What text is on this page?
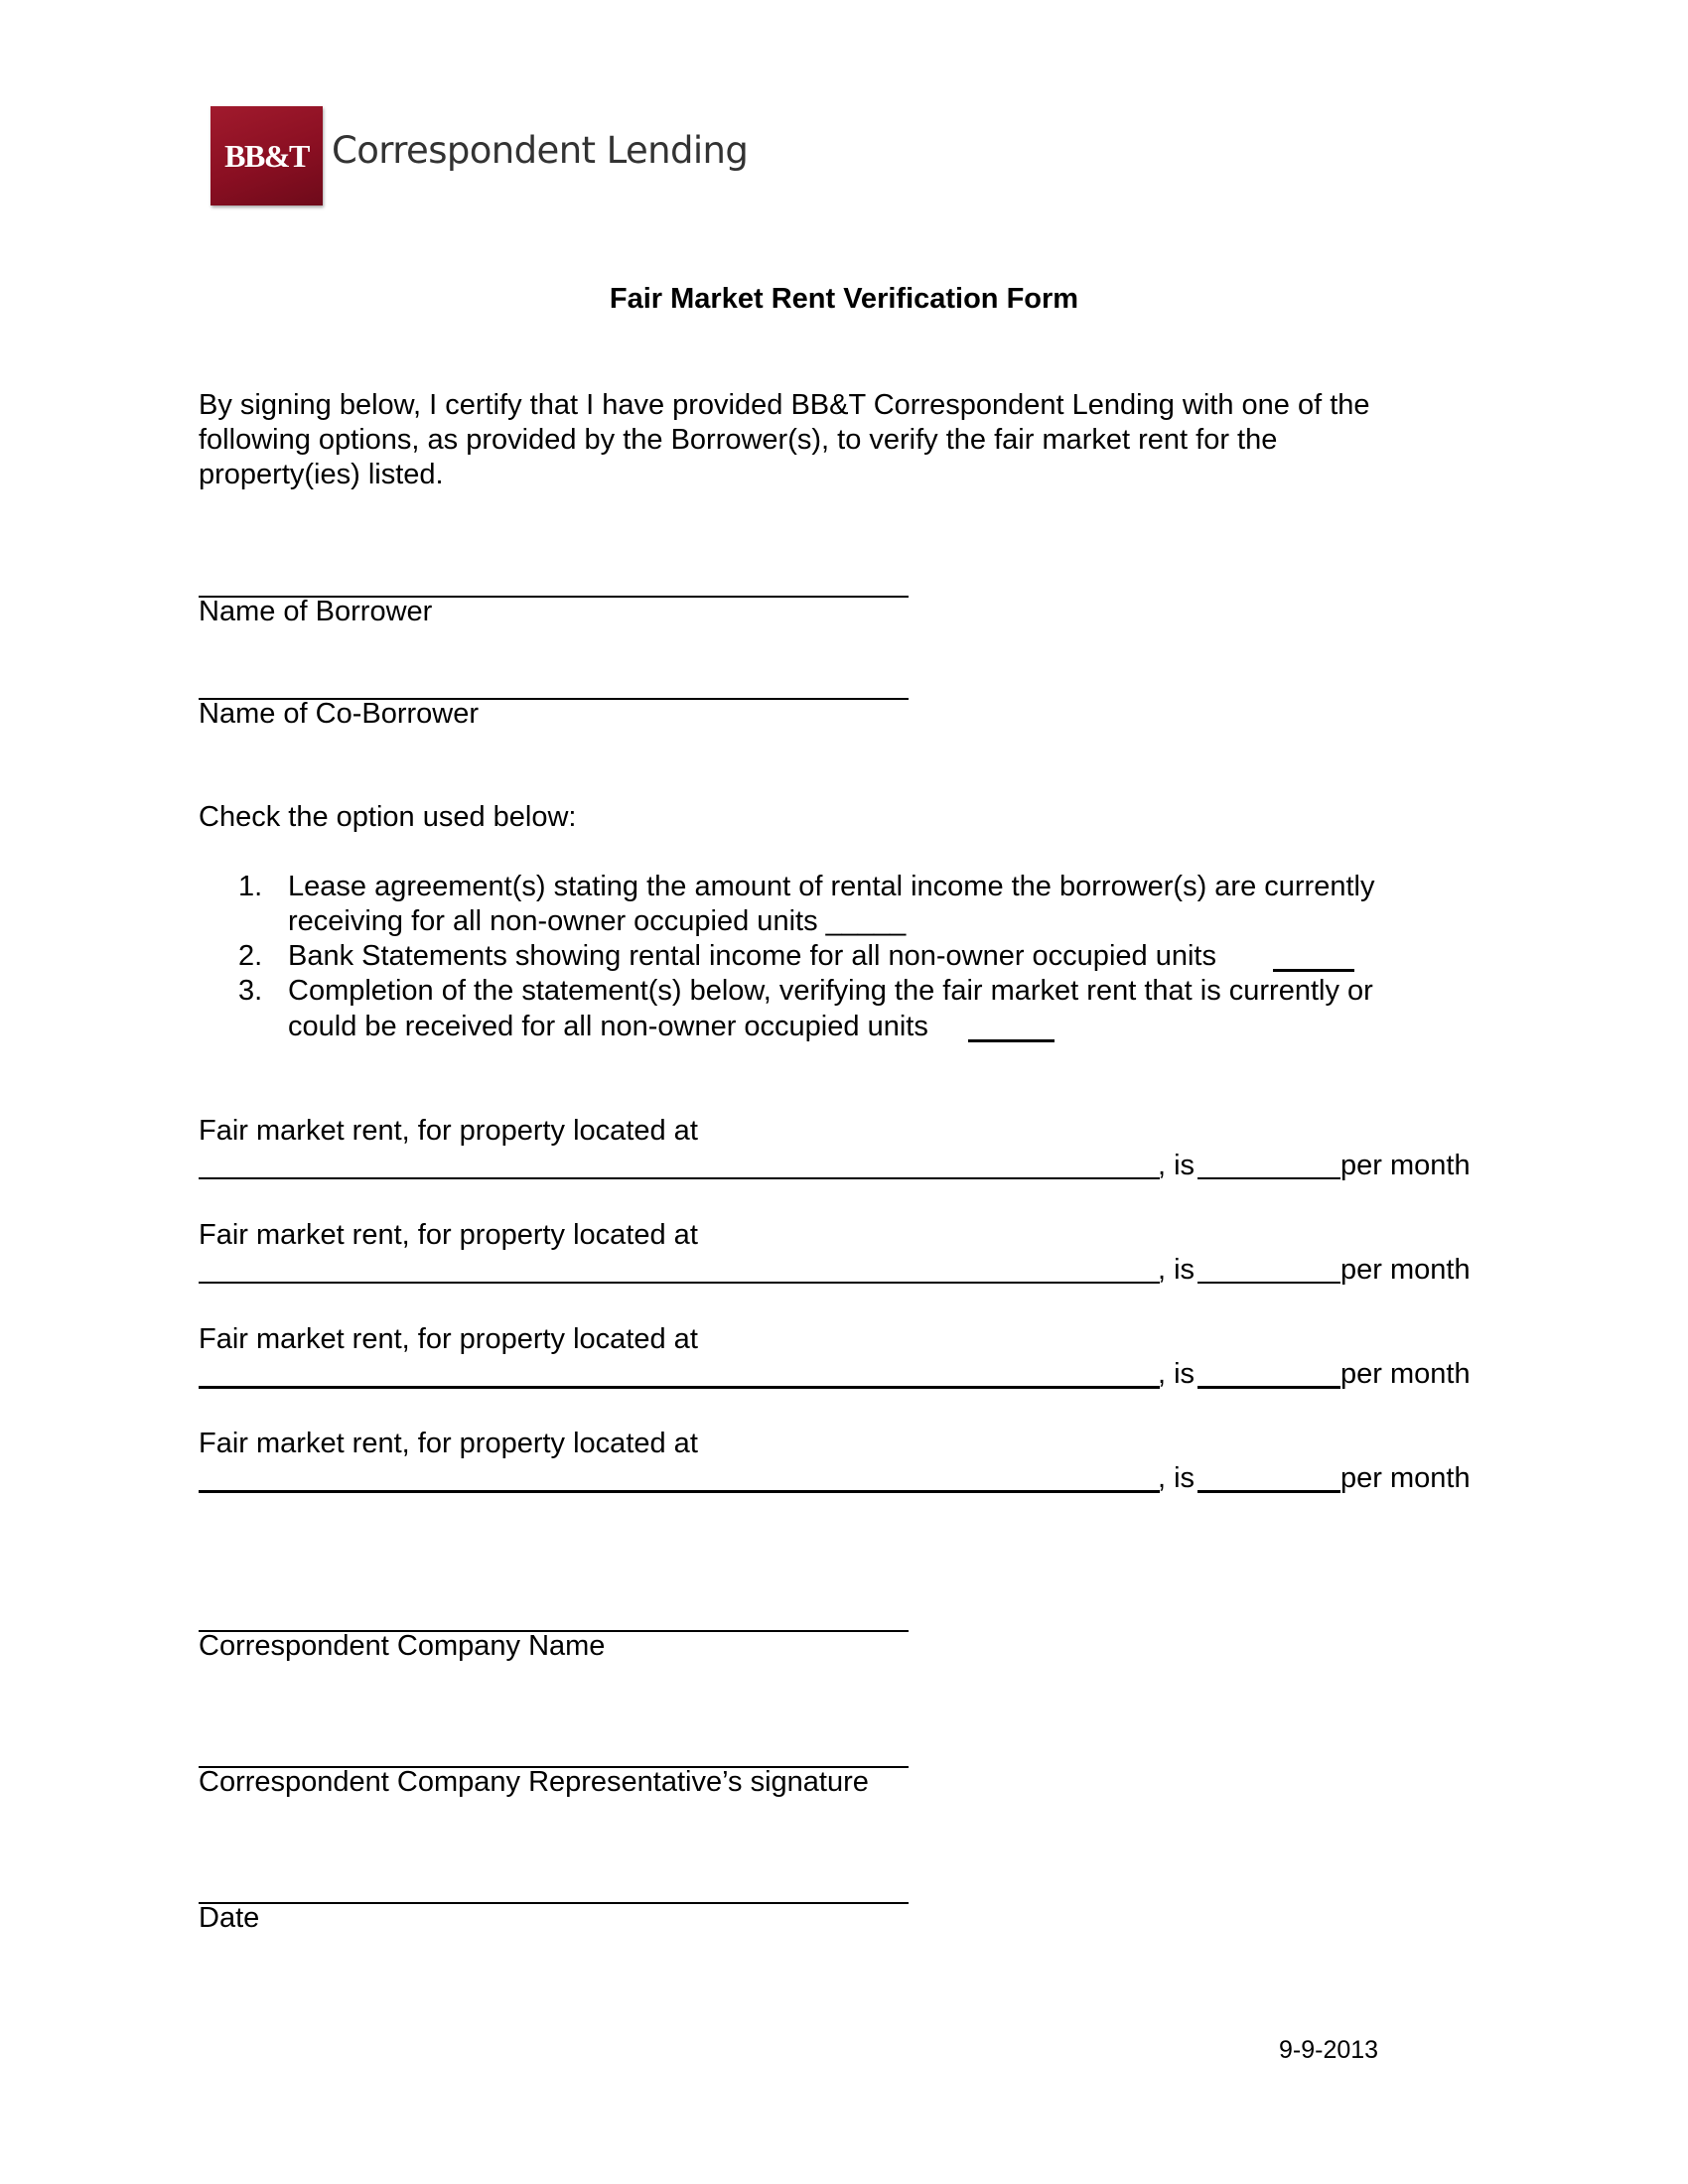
BB&T Correspondent Lending
Fair Market Rent Verification Form
By signing below, I certify that I have provided BB&T Correspondent Lending with one of the
following options, as provided by the Borrower(s), to verify the fair market rent for the
property(ies) listed.
Name of Borrower
Name of Co-Borrower
Check the option used below:
1. Lease agreement(s) stating the amount of rental income the borrower(s) are currently
receiving for all non-owner occupied units _____
2. Bank Statements showing rental income for all non-owner occupied units
3. Completion of the statement(s) below, verifying the fair market rent that is currently or
could be received for all non-owner occupied units
Fair market rent, for property located at
, is	per month
Fair market rent, for property located at
, is	per month
Fair market rent, for property located at
, is	per month
Fair market rent, for property located at
, is	per month
Correspondent Company Name
Correspondent Company Representative’s signature
Date
9-9-2013
